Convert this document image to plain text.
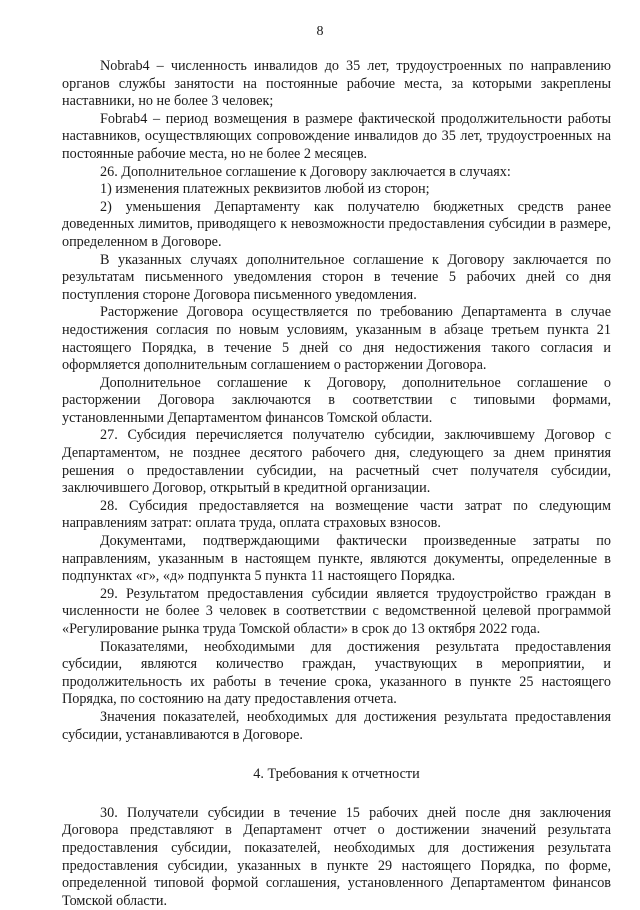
8

Nobrab4 – численность инвалидов до 35 лет, трудоустроенных по направлению органов службы занятости на постоянные рабочие места, за которыми закреплены наставники, но не более 3 человек;

Fobrab4 – период возмещения в размере фактической продолжительности работы наставников, осуществляющих сопровождение инвалидов до 35 лет, трудоустроенных на постоянные рабочие места, но не более 2 месяцев.

26. Дополнительное соглашение к Договору заключается в случаях:

1) изменения платежных реквизитов любой из сторон;

2) уменьшения Департаменту как получателю бюджетных средств ранее доведенных лимитов, приводящего к невозможности предоставления субсидии в размере, определенном в Договоре.

В указанных случаях дополнительное соглашение к Договору заключается по результатам письменного уведомления сторон в течение 5 рабочих дней со дня поступления стороне Договора письменного уведомления.

Расторжение Договора осуществляется по требованию Департамента в случае недостижения согласия по новым условиям, указанным в абзаце третьем пункта 21 настоящего Порядка, в течение 5 дней со дня недостижения такого согласия и оформляется дополнительным соглашением о расторжении Договора.

Дополнительное соглашение к Договору, дополнительное соглашение о расторжении Договора заключаются в соответствии с типовыми формами, установленными Департаментом финансов Томской области.

27. Субсидия перечисляется получателю субсидии, заключившему Договор с Департаментом, не позднее десятого рабочего дня, следующего за днем принятия решения о предоставлении субсидии, на расчетный счет получателя субсидии, заключившего Договор, открытый в кредитной организации.

28. Субсидия предоставляется на возмещение части затрат по следующим направлениям затрат: оплата труда, оплата страховых взносов.

Документами, подтверждающими фактически произведенные затраты по направлениям, указанным в настоящем пункте, являются документы, определенные в подпунктах «г», «д» подпункта 5 пункта 11 настоящего Порядка.

29. Результатом предоставления субсидии является трудоустройство граждан в численности не более 3 человек в соответствии с ведомственной целевой программой «Регулирование рынка труда Томской области» в срок до 13 октября 2022 года.

Показателями, необходимыми для достижения результата предоставления субсидии, являются количество граждан, участвующих в мероприятии, и продолжительность их работы в течение срока, указанного в пункте 25 настоящего Порядка, по состоянию на дату предоставления отчета.

Значения показателей, необходимых для достижения результата предоставления субсидии, устанавливаются в Договоре.

4. Требования к отчетности

30. Получатели субсидии в течение 15 рабочих дней после дня заключения Договора представляют в Департамент отчет о достижении значений результата предоставления субсидии, показателей, необходимых для достижения результата предоставления субсидии, указанных в пункте 29 настоящего Порядка, по форме, определенной типовой формой соглашения, установленного Департаментом финансов Томской области.
